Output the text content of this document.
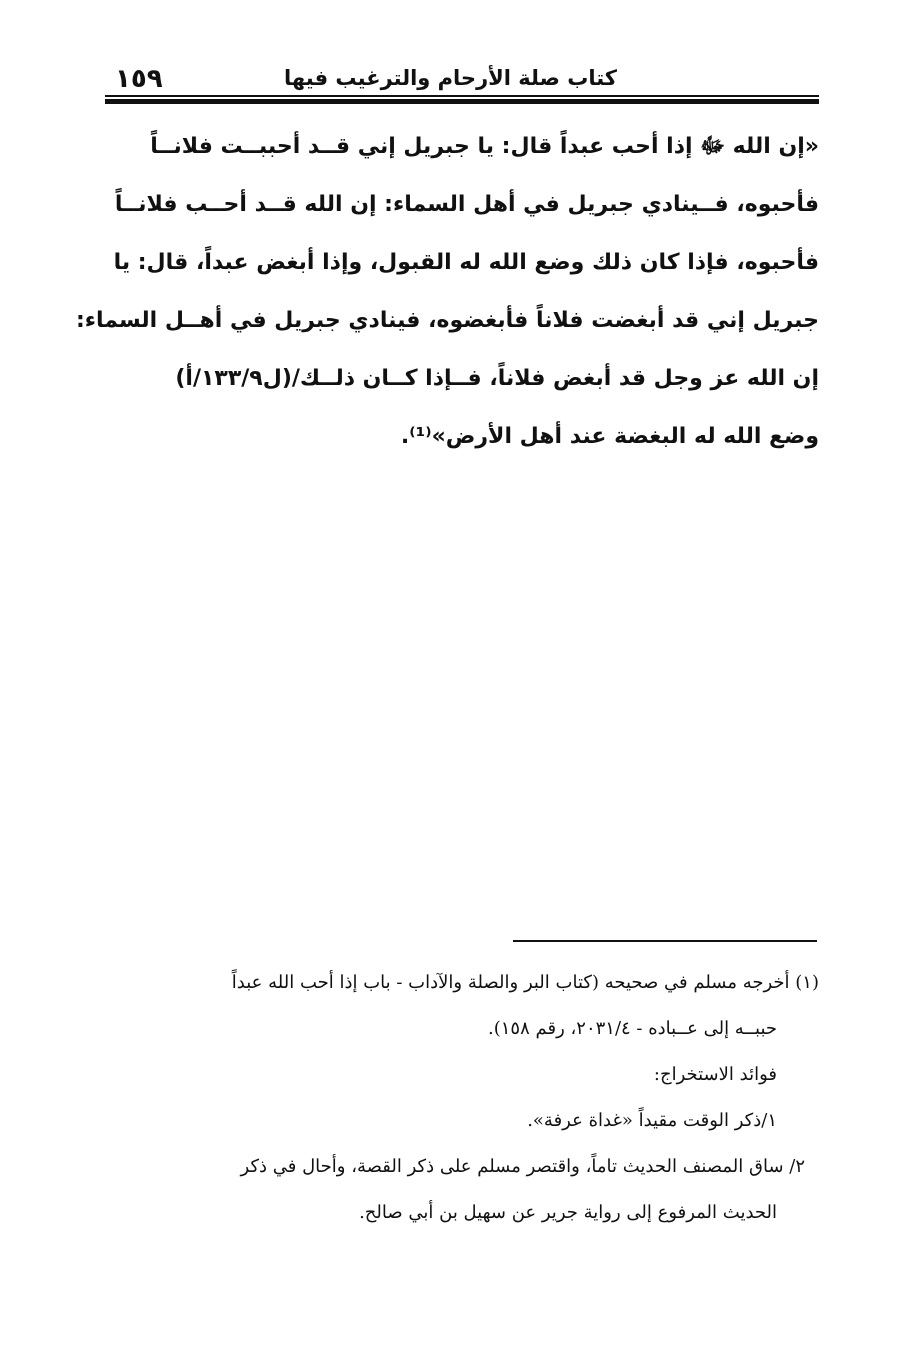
١٥٩	كتاب صلة الأرحام والترغيب فيها
«إن الله ﷻ إذا أحب عبداً قال: يا جبريل إني قــد أحببــت فلانــاً
فأحبوه، فــينادي جبريل في أهل السماء: إن الله قــد أحــب فلانــاً
فأحبوه، فإذا كان ذلك وضع الله له القبول، وإذا أبغض عبداً، قال: يا
جبريل إني قد أبغضت فلاناً فأبغضوه، فينادي جبريل في أهــل السماء:
إن الله عز وجل قد أبغض فلاناً، فــإذا كــان ذلــك/(ل١٣٣/٩/أ)
وضع الله له البغضة عند أهل الأرض»⁽¹⁾.
(١) أخرجه مسلم في صحيحه (كتاب البر والصلة والآداب - باب إذا أحب الله عبداً
حببــه إلى عــباده - ٢٠٣١/٤، رقم ١٥٨).
فوائد الاستخراج:
١/ذكر الوقت مقيداً «غداة عرفة».
٢/ ساق المصنف الحديث تاماً، واقتصر مسلم على ذكر القصة، وأحال في ذكر
الحديث المرفوع إلى رواية جرير عن سهيل بن أبي صالح.
